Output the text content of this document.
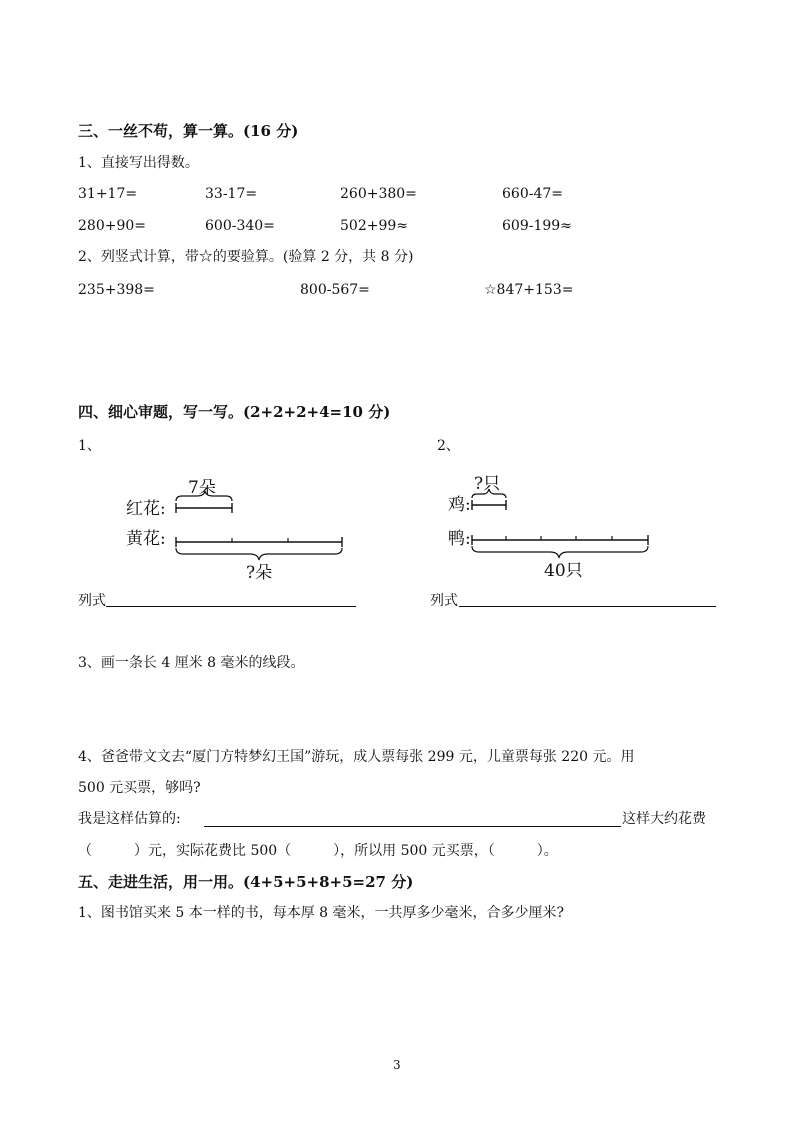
三、一丝不苟，算一算。(16 分)
1、直接写出得数。
31+17=	33-17=	260+380=	660-47=
280+90=	600-340=	502+99≈	609-199≈
2、列竖式计算，带☆的要验算。(验算 2 分，共 8 分)
235+398=	800-567=	☆847+153=
四、细心审题，写一写。(2+2+2+4=10 分)
1、	2、
7朵
红花:
黄花:
?朵
?只
鸡:
鸭:
40只
列式	列式
3、画一条长 4 厘米 8 毫米的线段。
4、爸爸带文文去“厦门方特梦幻王国”游玩，成人票每张 299 元，儿童票每张 220 元。用
500 元买票，够吗?
我是这样估算的:	这样大约花费
（　　　）元，实际花费比 500（　　　），所以用 500 元买票，（　　　）。
五、走进生活，用一用。(4+5+5+8+5=27 分)
1、图书馆买来 5 本一样的书，每本厚 8 毫米，一共厚多少毫米，合多少厘米?
3
